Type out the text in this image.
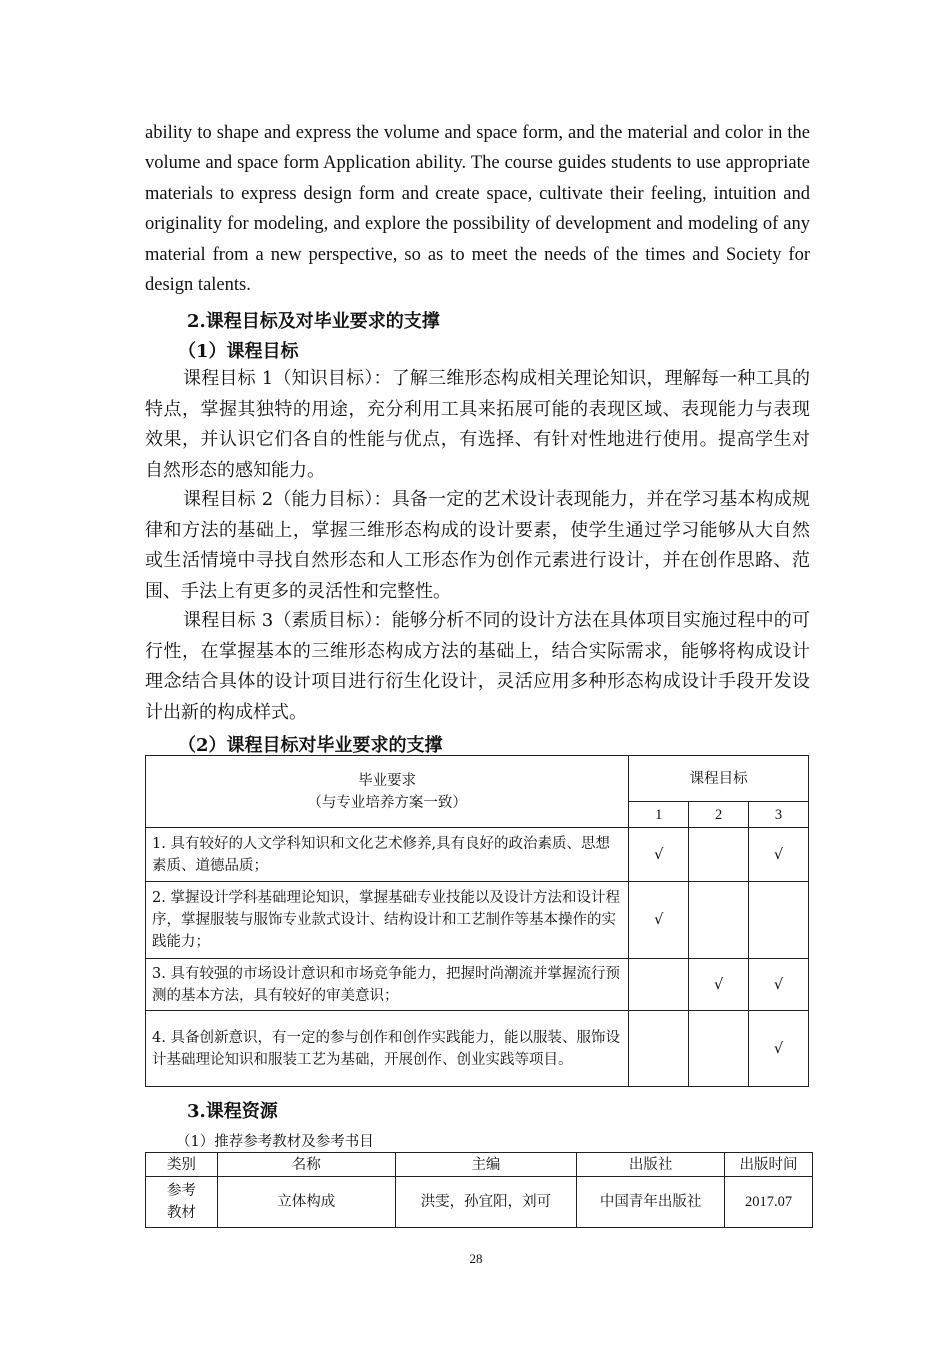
ability to shape and express the volume and space form, and the material and color in the volume and space form Application ability. The course guides students to use appropriate materials to express design form and create space, cultivate their feeling, intuition and originality for modeling, and explore the possibility of development and modeling of any material from a new perspective, so as to meet the needs of the times and Society for design talents.

2.课程目标及对毕业要求的支撑

（1）课程目标

课程目标 1（知识目标）：了解三维形态构成相关理论知识，理解每一种工具的特点，掌握其独特的用途，充分利用工具来拓展可能的表现区域、表现能力与表现效果，并认识它们各自的性能与优点，有选择、有针对性地进行使用。提高学生对自然形态的感知能力。

课程目标 2（能力目标）：具备一定的艺术设计表现能力，并在学习基本构成规律和方法的基础上，掌握三维形态构成的设计要素，使学生通过学习能够从大自然或生活情境中寻找自然形态和人工形态作为创作元素进行设计，并在创作思路、范围、手法上有更多的灵活性和完整性。

课程目标 3（素质目标）：能够分析不同的设计方法在具体项目实施过程中的可行性，在掌握基本的三维形态构成方法的基础上，结合实际需求，能够将构成设计理念结合具体的设计项目进行衍生化设计，灵活应用多种形态构成设计手段开发设计出新的构成样式。

（2）课程目标对毕业要求的支撑

毕业要求
（与专业培养方案一致）	课程目标		
	1	2	3
1. 具有较好的人文学科知识和文化艺术修养,具有良好的政治素质、思想素质、道德品质；	√		√
2. 掌握设计学科基础理论知识，掌握基础专业技能以及设计方法和设计程序，掌握服装与服饰专业款式设计、结构设计和工艺制作等基本操作的实践能力；	√		
3. 具有较强的市场设计意识和市场竞争能力，把握时尚潮流并掌握流行预测的基本方法，具有较好的审美意识；		√	√
4. 具备创新意识，有一定的参与创作和创作实践能力，能以服装、服饰设计基础理论知识和服装工艺为基础，开展创作、创业实践等项目。			√

3.课程资源

（1）推荐参考教材及参考书目

类别	名称	主编	出版社	出版时间

参考
教材	立体构成	洪雯，孙宜阳，刘可	中国青年出版社	2017.07
28
